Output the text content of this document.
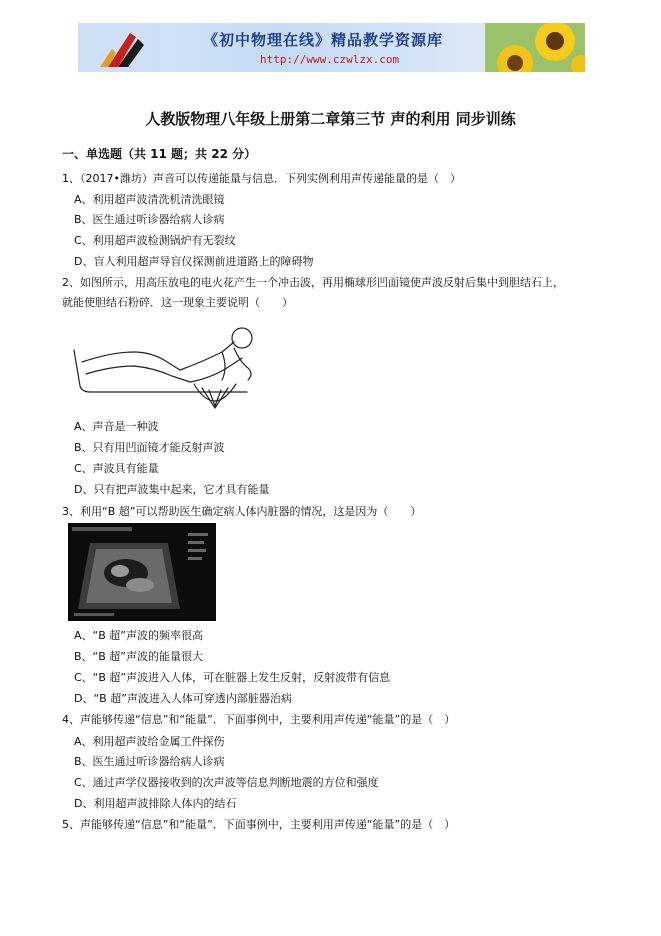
《初中物理在线》精品教学资源库
http://www.czwlzx.com
人教版物理八年级上册第二章第三节 声的利用 同步训练
一、单选题（共 11 题；共 22 分）
1、（2017•潍坊）声音可以传递能量与信息．下列实例利用声传递能量的是（　）
A、利用超声波清洗机清洗眼镜
B、医生通过听诊器给病人诊病
C、利用超声波检测锅炉有无裂纹
D、盲人利用超声导盲仪探测前进道路上的障碍物
2、如图所示，用高压放电的电火花产生一个冲击波，再用椭球形凹面镜使声波反射后集中到胆结石上，
就能使胆结石粉碎．这一现象主要说明（　　）
A、声音是一种波
B、只有用凹面镜才能反射声波
C、声波具有能量
D、只有把声波集中起来，它才具有能量
3、利用“B 超”可以帮助医生确定病人体内脏器的情况，这是因为（　　）
A、“B 超”声波的频率很高
B、“B 超”声波的能量很大
C、“B 超”声波进入人体，可在脏器上发生反射，反射波带有信息
D、“B 超”声波进入人体可穿透内部脏器治病
4、声能够传递“信息”和“能量”．下面事例中，主要利用声传递“能量”的是（　）
A、利用超声波给金属工件探伤
B、医生通过听诊器给病人诊病
C、通过声学仪器接收到的次声波等信息判断地震的方位和强度
D、利用超声波排除人体内的结石
5、声能够传递“信息”和“能量”．下面事例中，主要利用声传递“能量”的是（　）
